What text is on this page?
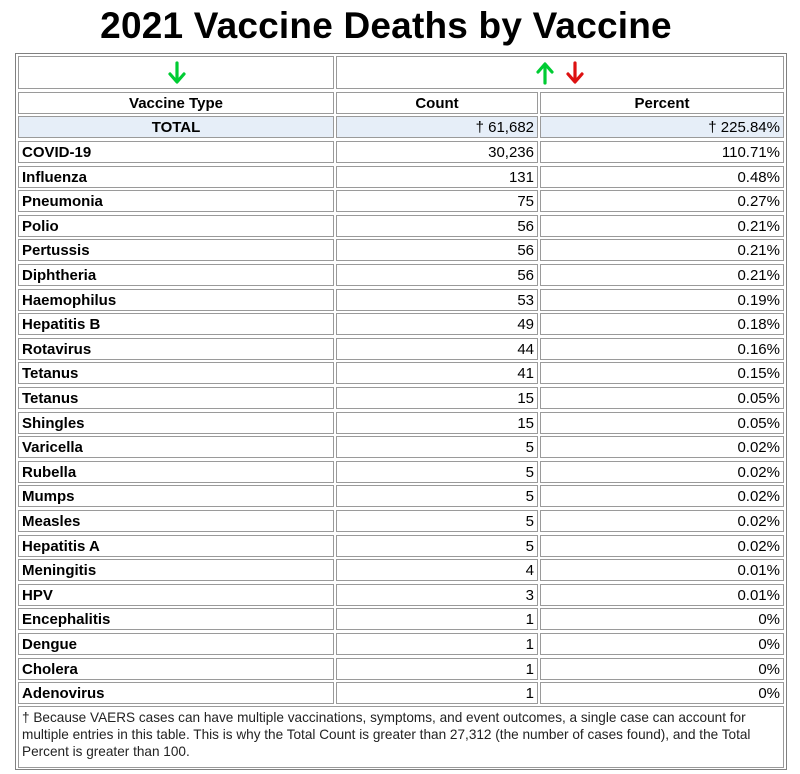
2021 Vaccine Deaths by Vaccine
Vaccine Type	Count	Percent
TOTAL	† 61,682	† 225.84%
COVID-19	30,236	110.71%
Influenza	131	0.48%
Pneumonia	75	0.27%
Polio	56	0.21%
Pertussis	56	0.21%
Diphtheria	56	0.21%
Haemophilus	53	0.19%
Hepatitis B	49	0.18%
Rotavirus	44	0.16%
Tetanus	41	0.15%
Tetanus	15	0.05%
Shingles	15	0.05%
Varicella	5	0.02%
Rubella	5	0.02%
Mumps	5	0.02%
Measles	5	0.02%
Hepatitis A	5	0.02%
Meningitis	4	0.01%
HPV	3	0.01%
Encephalitis	1	0%
Dengue	1	0%
Cholera	1	0%
Adenovirus	1	0%
† Because VAERS cases can have multiple vaccinations, symptoms, and event outcomes, a single case can account for multiple entries in this table. This is why the Total Count is greater than 27,312 (the number of cases found), and the Total Percent is greater than 100.
